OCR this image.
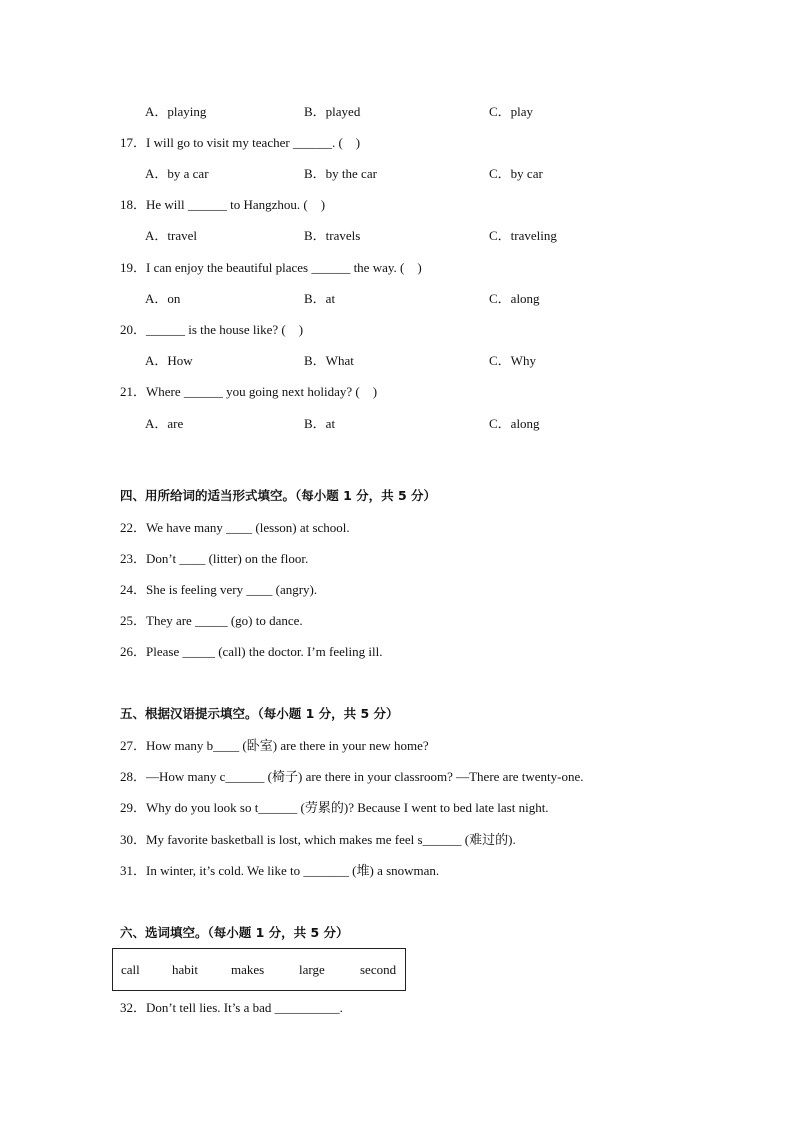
A．playing	B．played	C．play
17．I will go to visit my teacher ______. (　)
A．by a car	B．by the car	C．by car
18．He will ______ to Hangzhou. (　)
A．travel	B．travels	C．traveling
19．I can enjoy the beautiful places ______ the way. (　)
A．on	B．at	C．along
20．______ is the house like? (　)
A．How	B．What	C．Why
21．Where ______ you going next holiday? (　)
A．are	B．at	C．along
四、用所给词的适当形式填空。（每小题 1 分，共 5 分）
22．We have many ____ (lesson) at school.
23．Don’t ____ (litter) on the floor.
24．She is feeling very ____ (angry).
25．They are _____ (go) to dance.
26．Please _____ (call) the doctor. I’m feeling ill.
五、根据汉语提示填空。（每小题 1 分，共 5 分）
27．How many b____ (卧室) are there in your new home?
28．—How many c______ (椅子) are there in your classroom? —There are twenty-one.
29．Why do you look so t______ (劳累的)? Because I went to bed late last night.
30．My favorite basketball is lost, which makes me feel s______ (难过的).
31．In winter, it’s cold. We like to _______ (堆) a snowman.
六、选词填空。（每小题 1 分，共 5 分）
call habit	makes	large	second
32．Don’t tell lies. It’s a bad __________.
